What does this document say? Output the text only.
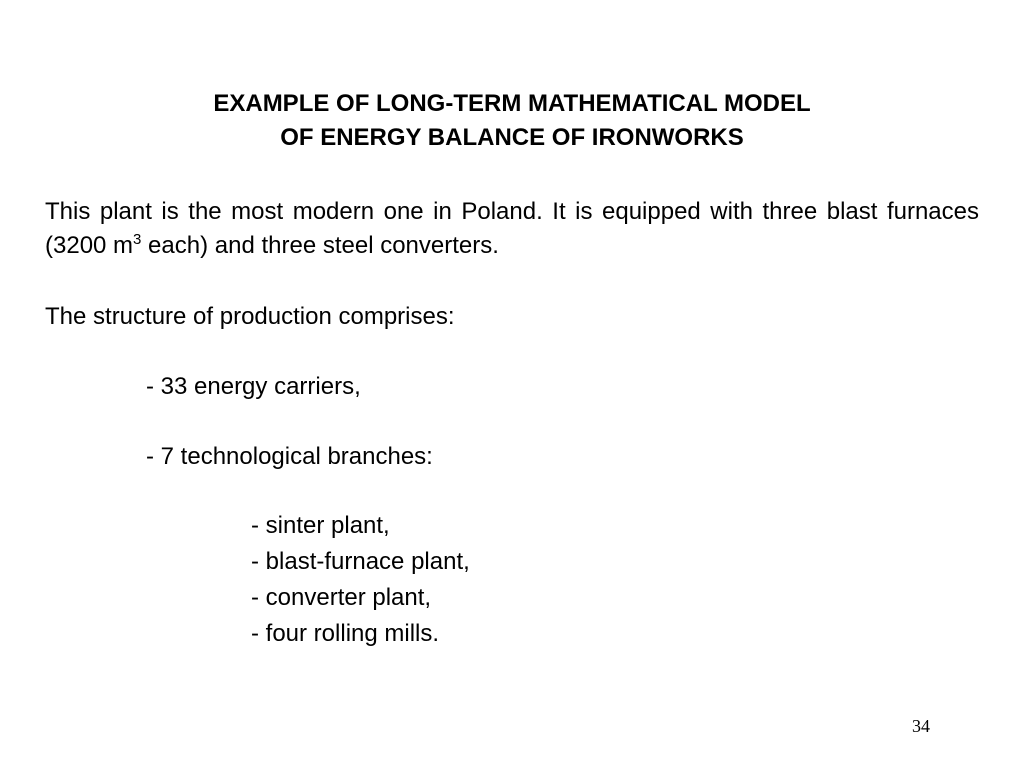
EXAMPLE OF LONG-TERM MATHEMATICAL MODEL
OF ENERGY BALANCE OF IRONWORKS

This plant is the most modern one in Poland. It is equipped with three blast furnaces (3200 $m^3$ each) and three steel converters.

The structure of production comprises:

- 33 energy carriers,
- 7 technological branches:
- sinter plant,
- blast-furnace plant,
- converter plant,
- four rolling mills.
34
